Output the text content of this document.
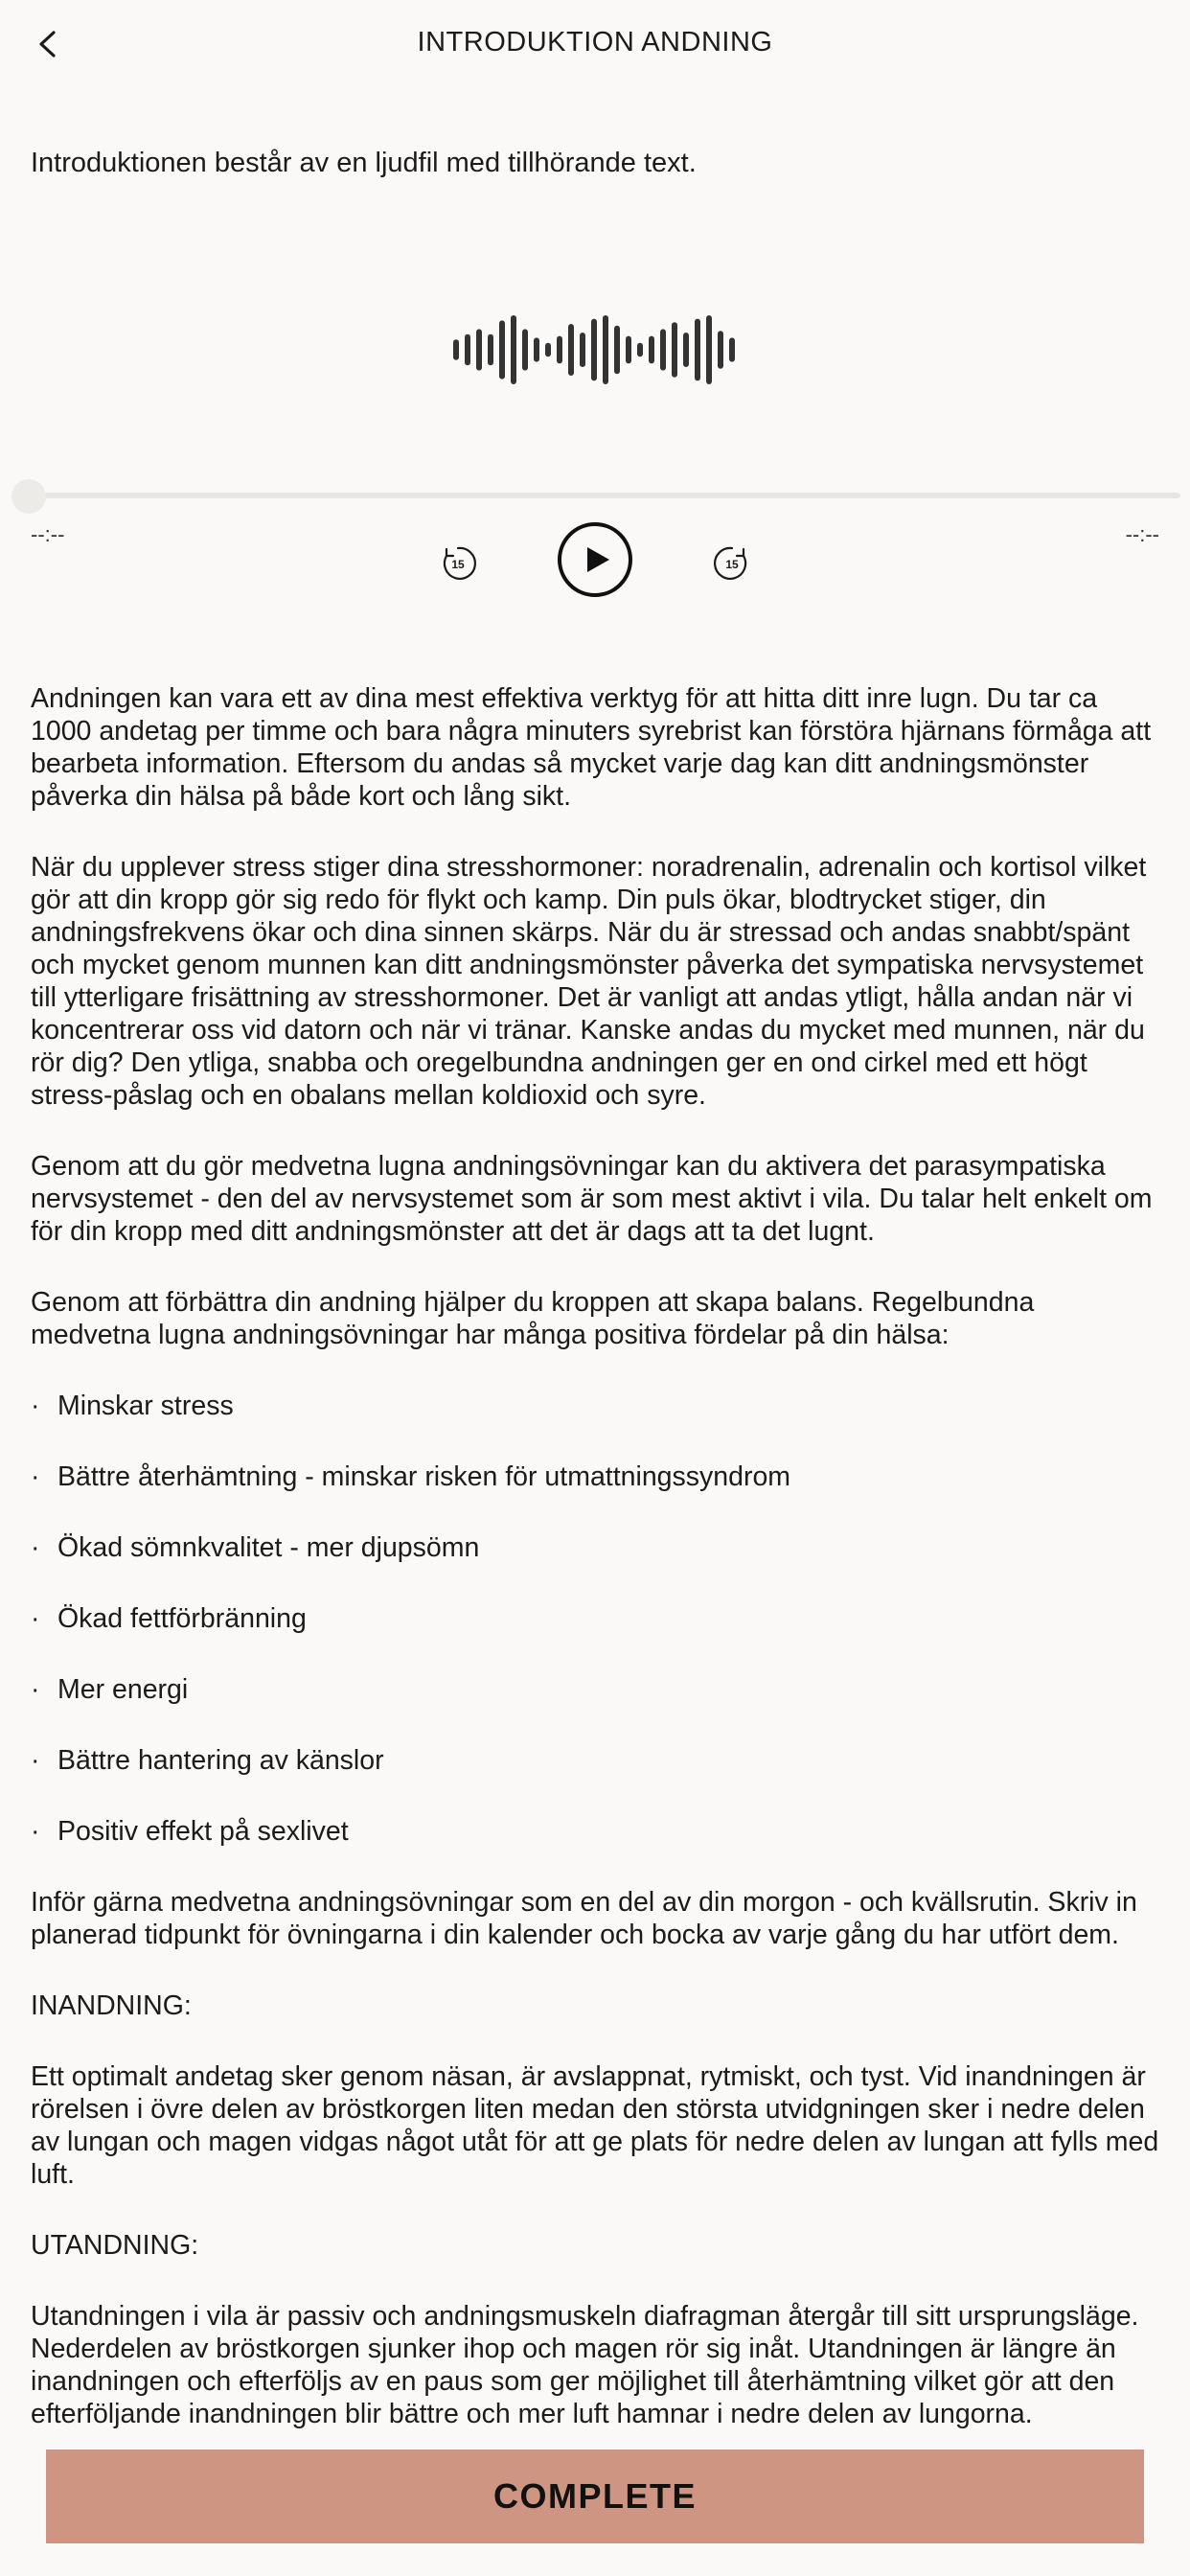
INTRODUKTION ANDNING
Introduktionen består av en ljudfil med tillhörande text.
--:--	--:--
15	15

Andningen kan vara ett av dina mest effektiva verktyg för att hitta ditt inre lugn. Du tar ca 1000 andetag per timme och bara några minuters syrebrist kan förstöra hjärnans förmåga att bearbeta information. Eftersom du andas så mycket varje dag kan ditt andningsmönster påverka din hälsa på både kort och lång sikt.

När du upplever stress stiger dina stresshormoner: noradrenalin, adrenalin och kortisol vilket gör att din kropp gör sig redo för flykt och kamp. Din puls ökar, blodtrycket stiger, din andningsfrekvens ökar och dina sinnen skärps. När du är stressad och andas snabbt/spänt och mycket genom munnen kan ditt andningsmönster påverka det sympatiska nervsystemet till ytterligare frisättning av stresshormoner. Det är vanligt att andas ytligt, hålla andan när vi koncentrerar oss vid datorn och när vi tränar. Kanske andas du mycket med munnen, när du rör dig? Den ytliga, snabba och oregelbundna andningen ger en ond cirkel med ett högt stress-påslag och en obalans mellan koldioxid och syre.

Genom att du gör medvetna lugna andningsövningar kan du aktivera det parasympatiska nervsystemet - den del av nervsystemet som är som mest aktivt i vila. Du talar helt enkelt om för din kropp med ditt andningsmönster att det är dags att ta det lugnt.

Genom att förbättra din andning hjälper du kroppen att skapa balans. Regelbundna medvetna lugna andningsövningar har många positiva fördelar på din hälsa:

· Minskar stress
· Bättre återhämtning - minskar risken för utmattningssyndrom
· Ökad sömnkvalitet - mer djupsömn
· Ökad fettförbränning
· Mer energi
· Bättre hantering av känslor
· Positiv effekt på sexlivet

Inför gärna medvetna andningsövningar som en del av din morgon - och kvällsrutin. Skriv in planerad tidpunkt för övningarna i din kalender och bocka av varje gång du har utfört dem.

INANDNING:

Ett optimalt andetag sker genom näsan, är avslappnat, rytmiskt, och tyst. Vid inandningen är rörelsen i övre delen av bröstkorgen liten medan den största utvidgningen sker i nedre delen av lungan och magen vidgas något utåt för att ge plats för nedre delen av lungan att fylls med luft.

UTANDNING:

Utandningen i vila är passiv och andningsmuskeln diafragman återgår till sitt ursprungsläge. Nederdelen av bröstkorgen sjunker ihop och magen rör sig inåt. Utandningen är längre än inandningen och efterföljs av en paus som ger möjlighet till återhämtning vilket gör att den efterföljande inandningen blir bättre och mer luft hamnar i nedre delen av lungorna.

COMPLETE
